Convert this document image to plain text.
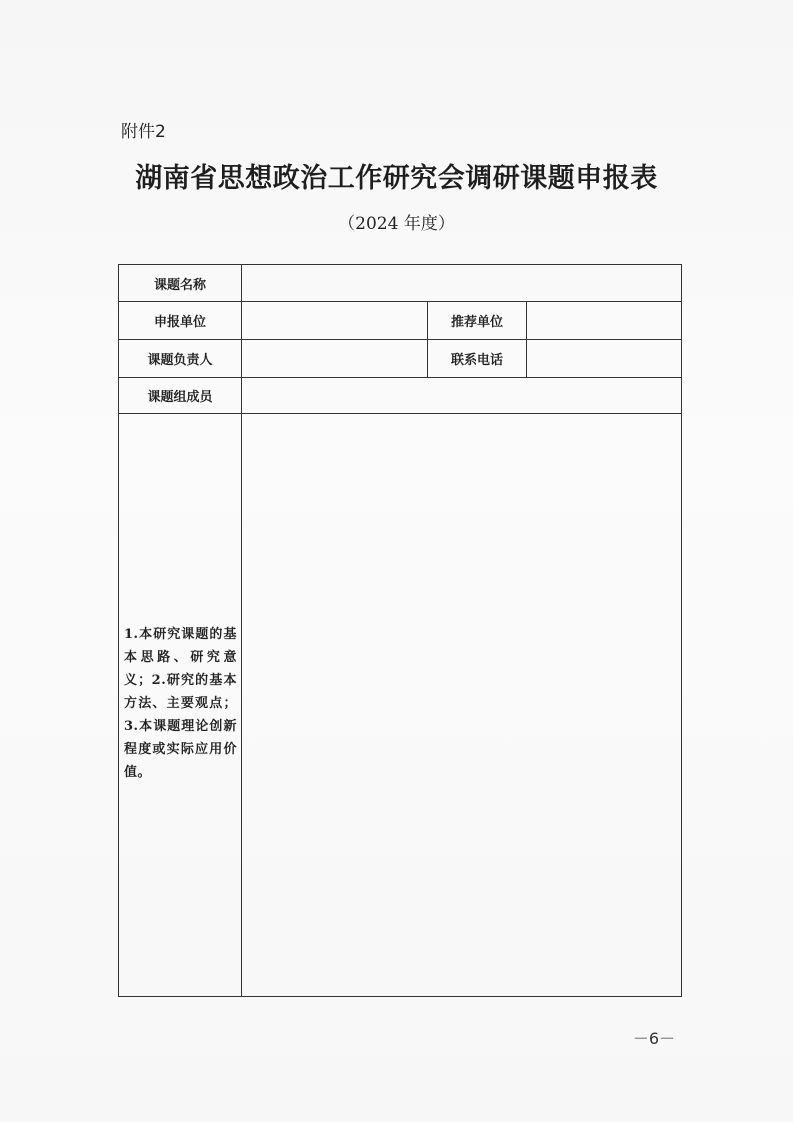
附件2
湖南省思想政治工作研究会调研课题申报表
（2024 年度）
课题名称			
申报单位		推荐单位	
课题负责人		联系电话	
课题组成员			

1.本研究课题的基本思路、研究意义；2.研究的基本方法、主要观点；3.本课题理论创新程度或实际应用价值。			

－6－
